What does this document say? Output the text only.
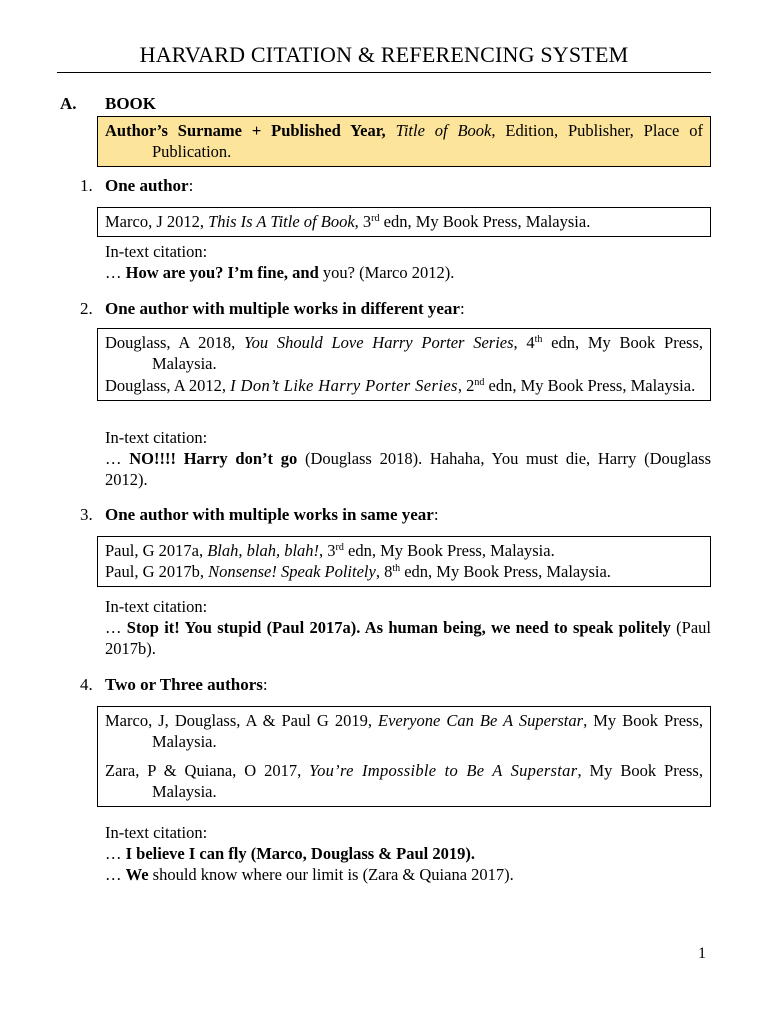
HARVARD CITATION & REFERENCING SYSTEM
A. BOOK
Author’s Surname + Published Year, Title of Book, Edition, Publisher, Place of Publication.
1. One author:
Marco, J 2012, This Is A Title of Book, 3rd edn, My Book Press, Malaysia.
In-text citation:
… How are you? I’m fine, and you? (Marco 2012).
2. One author with multiple works in different year:
Douglass, A 2018, You Should Love Harry Porter Series, 4th edn, My Book Press, Malaysia.
Douglass, A 2012, I Don’t Like Harry Porter Series, 2nd edn, My Book Press, Malaysia.
In-text citation:
… NO!!!! Harry don’t go (Douglass 2018). Hahaha, You must die, Harry (Douglass 2012).
3. One author with multiple works in same year:
Paul, G 2017a, Blah, blah, blah!, 3rd edn, My Book Press, Malaysia.
Paul, G 2017b, Nonsense! Speak Politely, 8th edn, My Book Press, Malaysia.
In-text citation:
… Stop it! You stupid (Paul 2017a). As human being, we need to speak politely (Paul 2017b).
4. Two or Three authors:
Marco, J, Douglass, A & Paul G 2019, Everyone Can Be A Superstar, My Book Press, Malaysia.
Zara, P & Quiana, O 2017, You’re Impossible to Be A Superstar, My Book Press, Malaysia.
In-text citation:
… I believe I can fly (Marco, Douglass & Paul 2019).
… We should know where our limit is (Zara & Quiana 2017).
1
